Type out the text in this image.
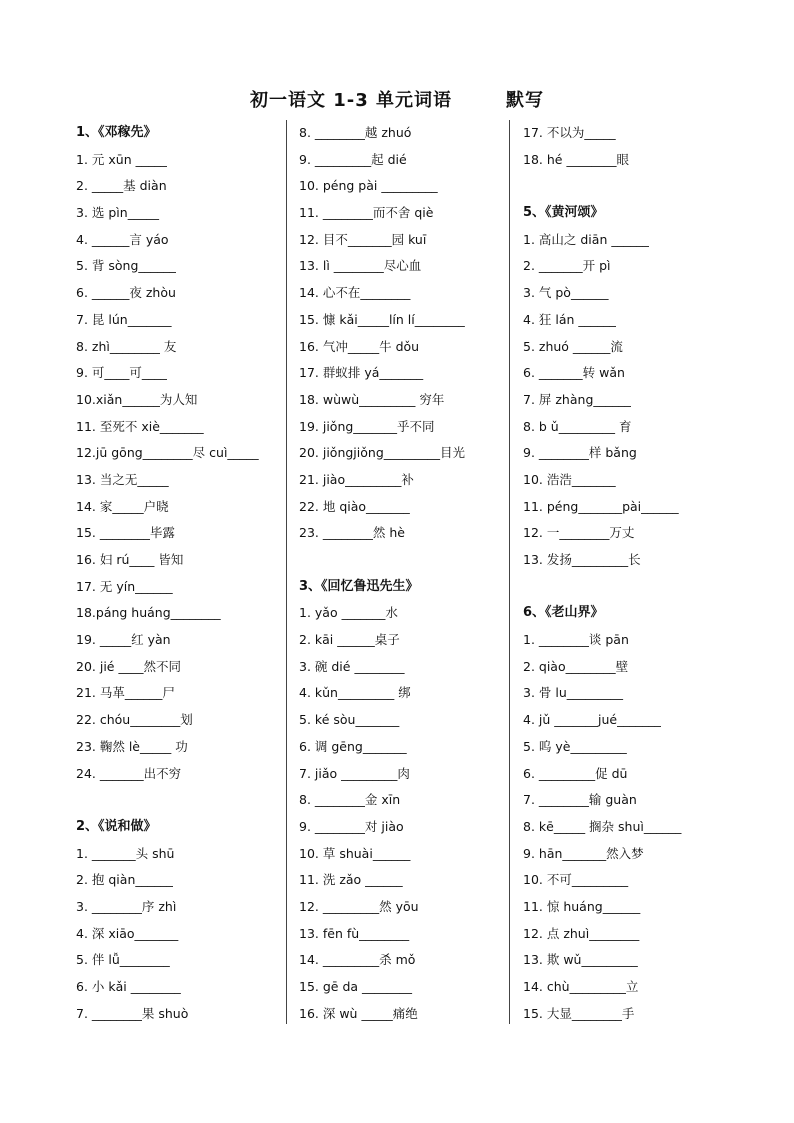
初一语文 1-3 单元词语	默写
1、《邓稼先》
1. 元 xūn _____
2. _____基 diàn
3. 选 pìn_____
4. ______言 yáo
5. 背 sòng______
6. ______夜 zhòu
7. 昆 lún_______
8. zhì________ 友
9. 可____可____
10.xiǎn______为人知
11. 至死不 xiè_______
12.jū gōng________尽 cuì_____
13. 当之无_____
14. 家_____户晓
15. ________毕露
16. 妇 rú____ 皆知
17. 无 yín______
18.páng huáng________
19. _____红 yàn
20. jié ____然不同
21. 马革______尸
22. chóu________划
23. 鞠然 lè_____ 功
24. _______出不穷
2、《说和做》
1. _______头 shū
2. 抱 qiàn______
3. ________序 zhì
4. 深 xiāo_______
5. 伴 lǚ________
6. 小 kǎi ________
7. ________果 shuò
8. ________越 zhuó
9. _________起 dié
10. péng pài _________
11. ________而不舍 qiè
12. 目不_______园 kuī
13. lì ________尽心血
14. 心不在________
15. 慷 kǎi_____lín lí________
16. 气冲_____牛 dǒu
17. 群蚁排 yá_______
18. wùwù_________ 穷年
19. jiǒng_______乎不同
20. jiǒngjiǒng_________目光
21. jiào_________补
22. 地 qiào_______
23. ________然 hè
3、《回忆鲁迅先生》
1. yǎo _______水
2. kāi ______桌子
3. 碗 dié ________
4. kǔn_________ 绑
5. ké sòu_______
6. 调 gēng_______
7. jiǎo _________肉
8. ________金 xīn
9. ________对 jiào
10. 草 shuài______
11. 洗 zǎo ______
12. _________然 yōu
13. fēn fù________
14. _________杀 mǒ
15. gē da ________
16. 深 wù _____痛绝
17. 不以为_____
18. hé ________眼
5、《黄河颂》
1. 高山之 diān ______
2. _______开 pì
3. 气 pò______
4. 狂 lán ______
5. zhuó ______流
6. _______转 wǎn
7. 屏 zhàng______
8. b ǔ_________ 育
9. ________样 bǎng
10. 浩浩_______
11. péng_______pài______
12. 一________万丈
13. 发扬_________长
6、《老山界》
1. ________谈 pān
2. qiào________壁
3. 骨 lu_________
4. jǔ _______jué_______
5. 呜 yè_________
6. _________促 dū
7. ________输 guàn
8. kē_____ 搁杂 shuì______
9. hān_______然入梦
10. 不可_________
11. 惊 huáng______
12. 点 zhuì________
13. 欺 wǔ_________
14. chù_________立
15. 大显________手
